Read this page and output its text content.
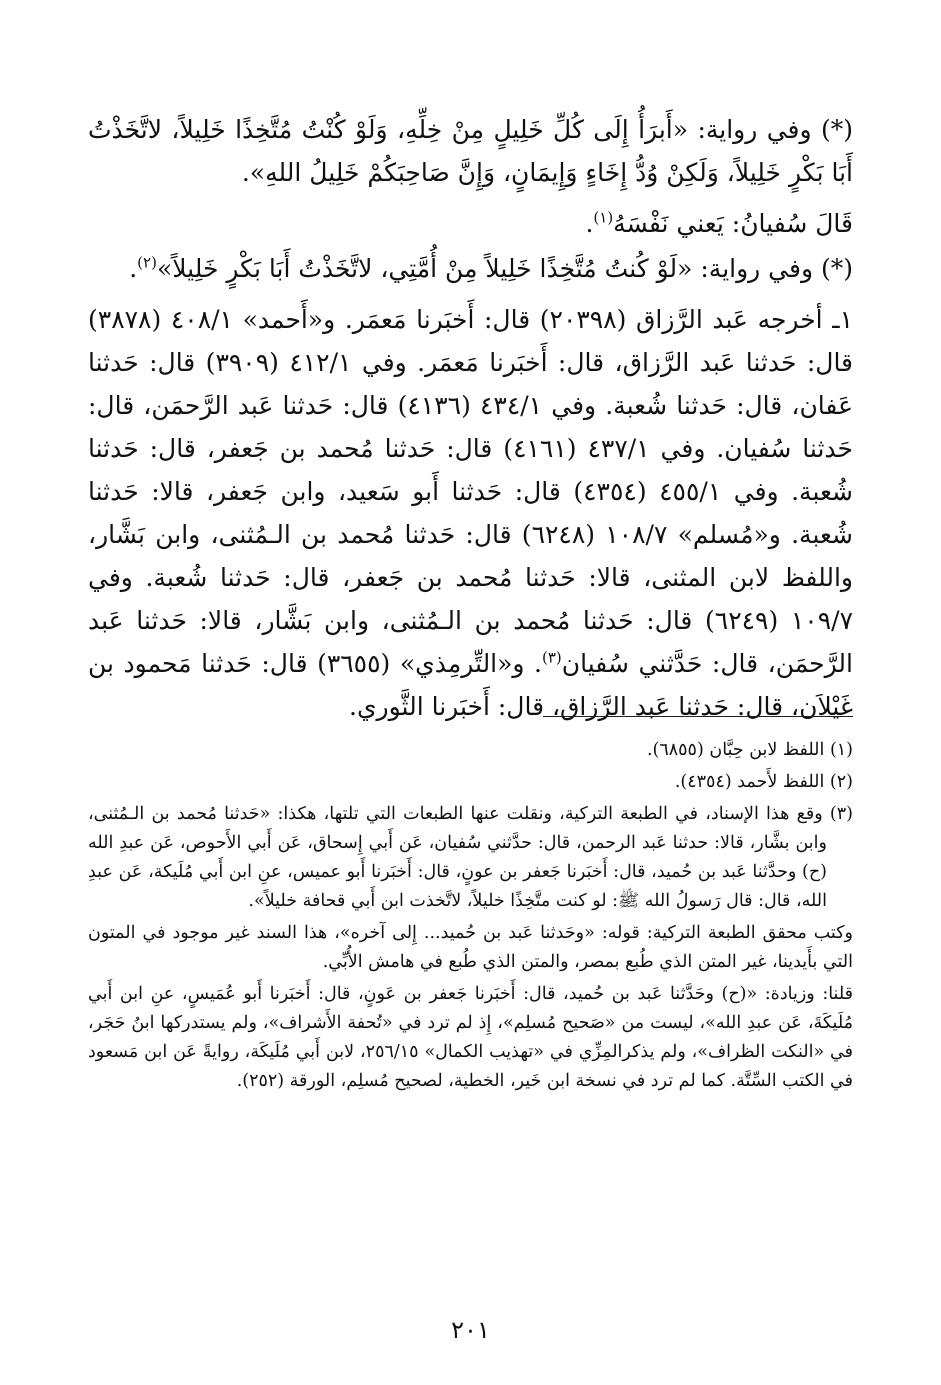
(*) وفي رواية: «أَبرَأُ إِلَى كُلِّ خَلِيلٍ مِنْ خِلِّهِ، وَلَوْ كُنْتُ مُتَّخِذًا خَلِيلاً، لاتَّخَذْتُ أَبَا بَكْرٍ خَلِيلاً، وَلَكِنْ وُدُّ إِخَاءٍ وَإِيمَانٍ، وَإِنَّ صَاحِبَكُمْ خَلِيلُ اللهِ».

قَالَ سُفيانُ: يَعني نَفْسَهُ$^{(١)}$.

(*) وفي رواية: «لَوْ كُنتُ مُتَّخِذًا خَلِيلاً مِنْ أُمَّتِي، لاتَّخَذْتُ أَبَا بَكْرٍ خَلِيلاً»$^{(٢)}$.

١ـ أخرجه عَبد الرَّزاق (٢٠٣٩٨) قال: أَخبَرنا مَعمَر. و«أَحمد» ٤٠٨/١ (٣٨٧٨) قال: حَدثنا عَبد الرَّزاق، قال: أَخبَرنا مَعمَر. وفي ٤١٢/١ (٣٩٠٩) قال: حَدثنا عَفان، قال: حَدثنا شُعبة. وفي ٤٣٤/١ (٤١٣٦) قال: حَدثنا عَبد الرَّحمَن، قال: حَدثنا سُفيان. وفي ٤٣٧/١ (٤١٦١) قال: حَدثنا مُحمد بن جَعفر، قال: حَدثنا شُعبة. وفي ٤٥٥/١ (٤٣٥٤) قال: حَدثنا أَبو سَعيد، وابن جَعفر، قالا: حَدثنا شُعبة. و«مُسلم» ١٠٨/٧ (٦٢٤٨) قال: حَدثنا مُحمد بن الـمُثنى، وابن بَشَّار، واللفظ لابن المثنى، قالا: حَدثنا مُحمد بن جَعفر، قال: حَدثنا شُعبة. وفي ١٠٩/٧ (٦٢٤٩) قال: حَدثنا مُحمد بن الـمُثنى، وابن بَشَّار، قالا: حَدثنا عَبد الرَّحمَن، قال: حَدَّثني سُفيان$^{(٣)}$. و«التِّرمِذي» (٣٦٥٥) قال: حَدثنا مَحمود بن غَيْلاَن، قال: حَدثنا عَبد الرَّزاق، قال: أَخبَرنا الثَّوري.

(١) اللفظ لابن حِبَّان (٦٨٥٥).

(٢) اللفظ لأَحمد (٤٣٥٤).

(٣) وقع هذا الإسناد، في الطبعة التركية، ونقلت عنها الطبعات التي تلتها، هكذا: «حَدثنا مُحمد بن الـمُثنى، وابن بشَّار، قالا: حدثنا عَبد الرحمن، قال: حدَّثني سُفيان، عَن أَبي إِسحاق، عَن أَبي الأَحوص، عَن عبدِ الله (ح) وحدَّثنا عَبد بن حُميد، قال: أَخبَرنا جَعفر بن عونٍ، قال: أَخبَرنا أَبو عميس، عنِ ابن أَبي مُلَيكة، عَن عبدِ الله، قال: قال رَسولُ الله ﷺ: لو كنت متَّخِذًا خليلاً، لاتَّخذت ابن أَبي قحافة خليلاً».

وكتب محقق الطبعة التركية: قوله: «وحَدثنا عَبد بن حُميد... إِلى آخره»، هذا السند غير موجود في المتون التي بأَيدينا، غير المتن الذي طُبع بمصر، والمتن الذي طُبع في هامش الأُبِّي.

قلنا: وزيادة: «(ح) وحَدَّثنا عَبد بن حُميد، قال: أَخبَرنا جَعفر بن عَونٍ، قال: أَخبَرنا أَبو عُمَيسٍ، عنِ ابن أَبي مُلَيكَةَ، عَن عبدِ الله»، ليست من «صَحيح مُسلِم»، إِذ لم ترد في «تُحفة الأَشراف»، ولم يستدركها ابنُ حَجَر، في «النكت الظراف»، ولم يذكرالمِزِّي في «تهذيب الكمال» ٢٥٦/١٥، لابن أَبي مُلَيكَة، روايةً عَن ابن مَسعود في الكتب السِّتَّة. كما لم ترد في نسخة ابن خَير، الخطية، لصحيح مُسلِم، الورقة (٢٥٢).

٢٠١
